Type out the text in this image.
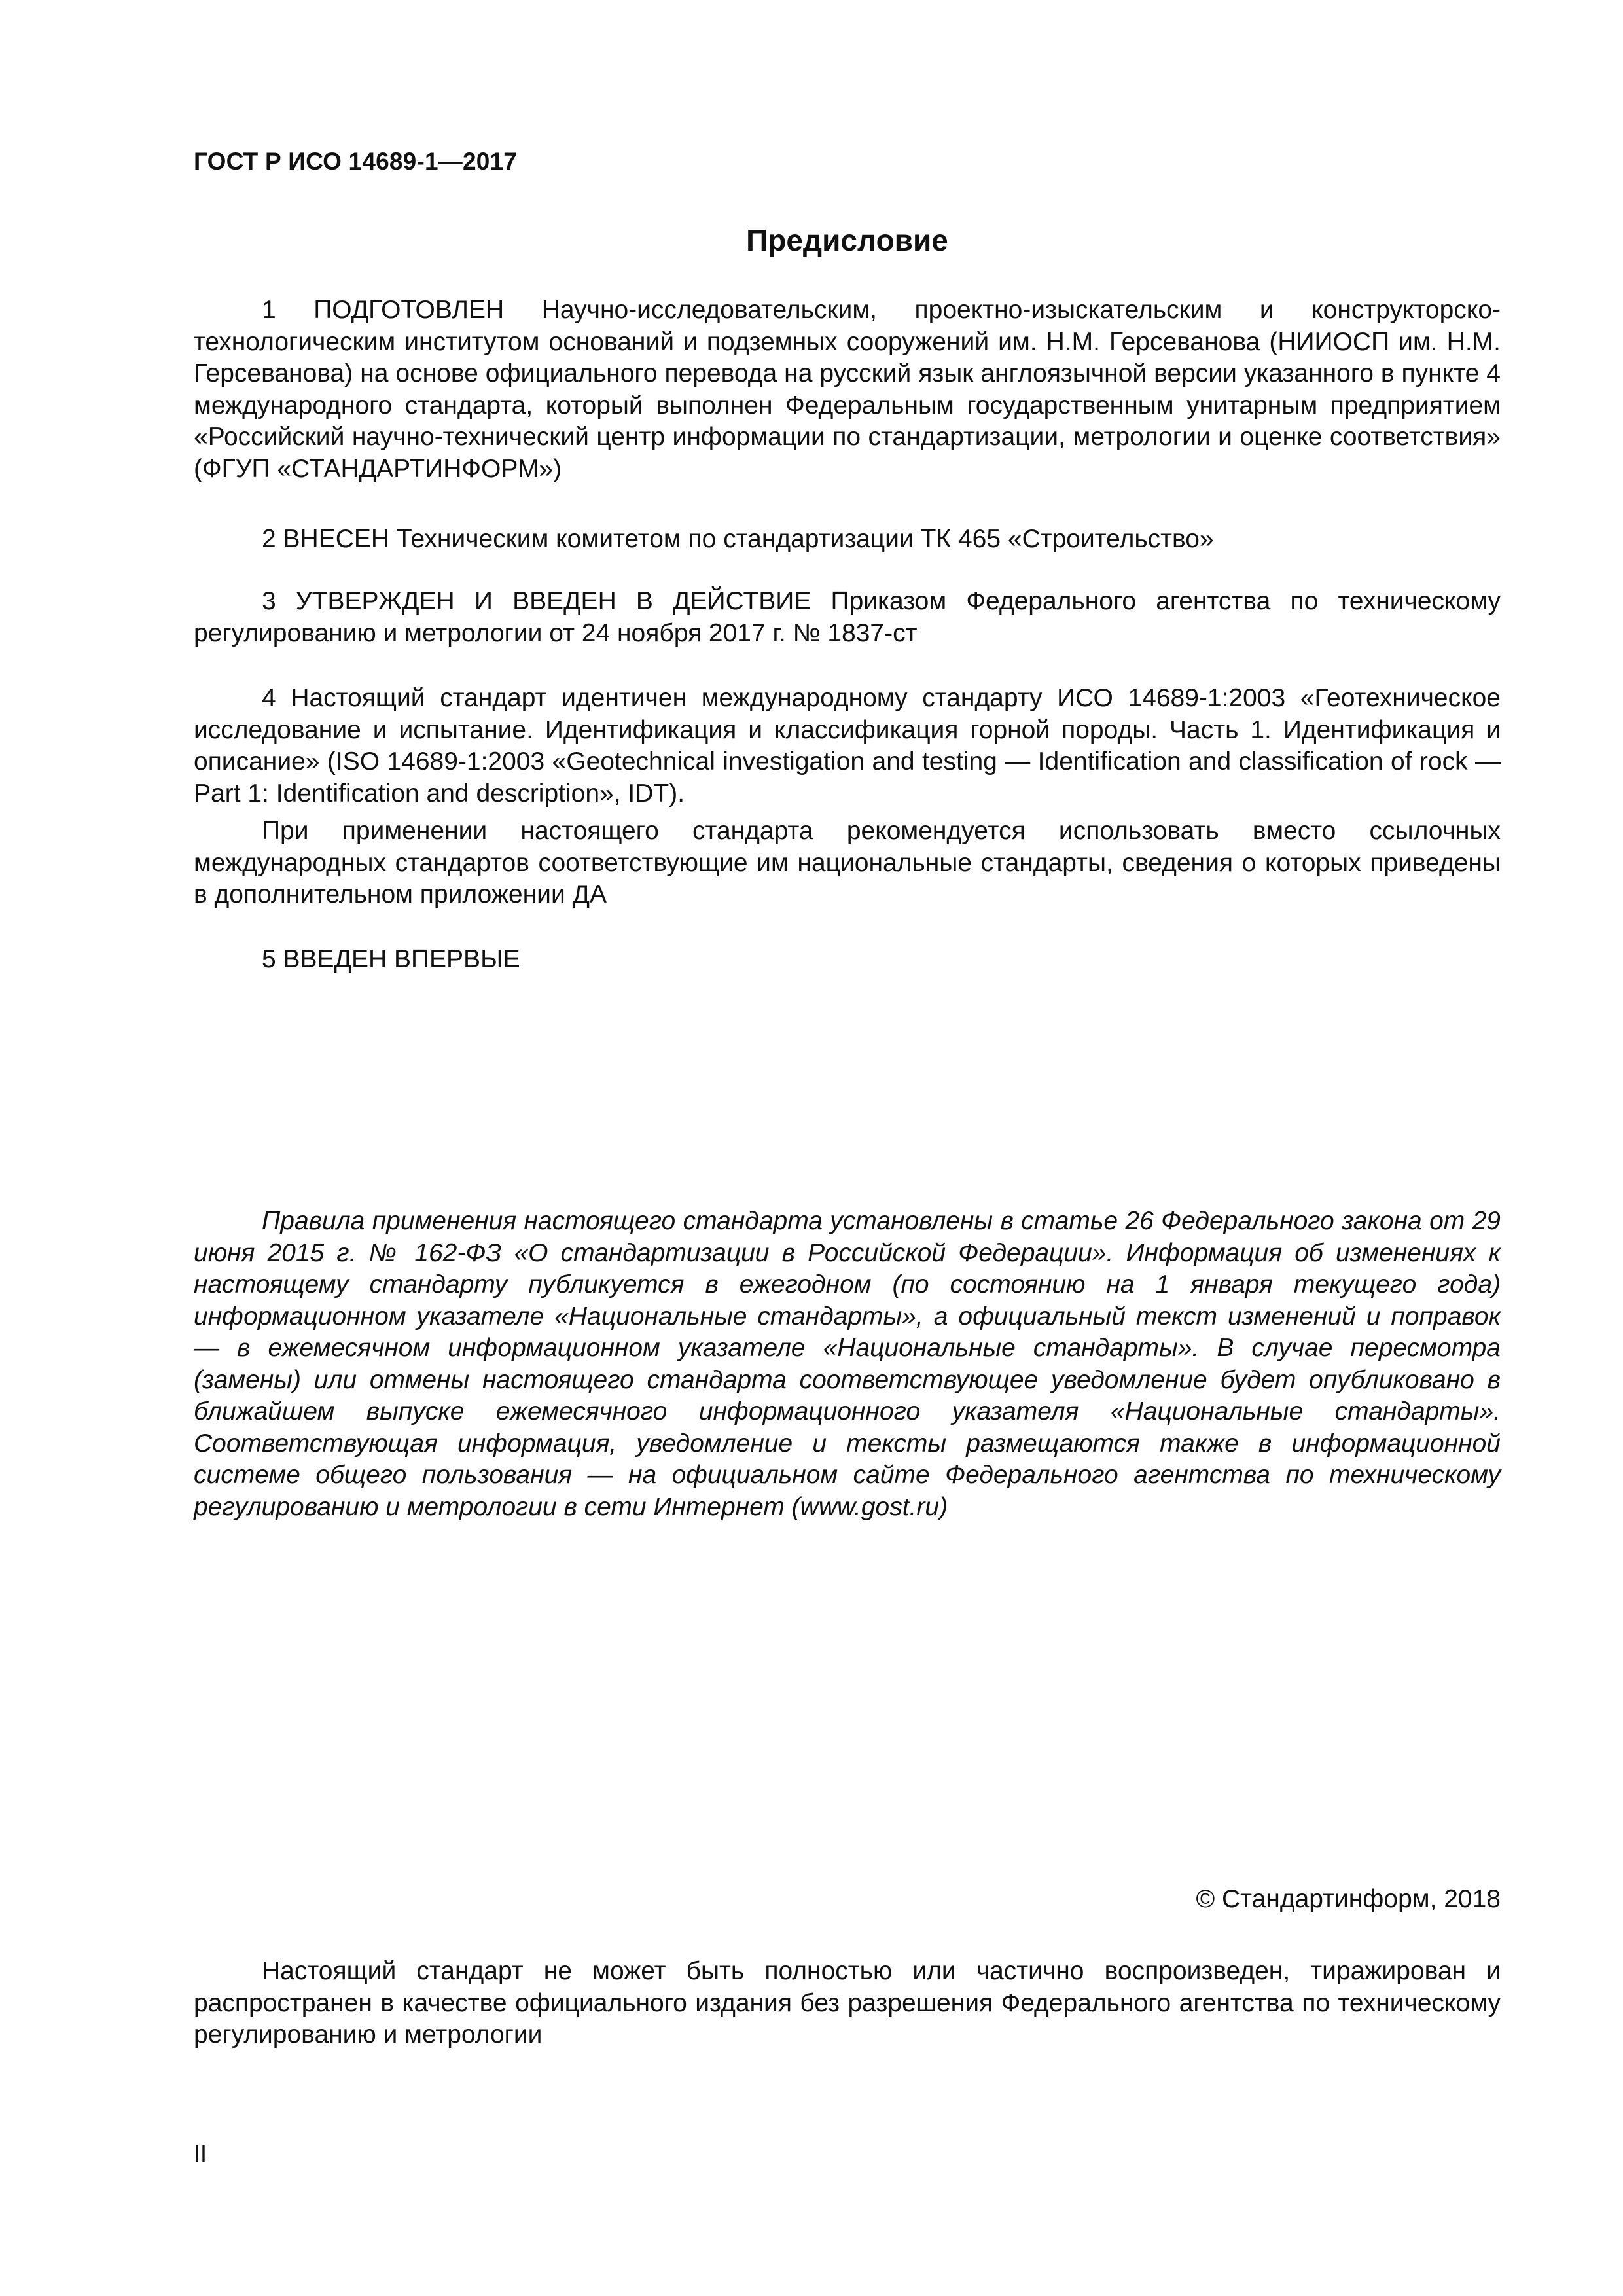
ГОСТ Р ИСО 14689-1—2017
Предисловие

1 ПОДГОТОВЛЕН Научно-исследовательским, проектно-изыскательским и конструкторско-технологическим институтом оснований и подземных сооружений им. Н.М. Герсеванова (НИИОСП им. Н.М. Герсеванова) на основе официального перевода на русский язык англоязычной версии указанного в пункте 4 международного стандарта, который выполнен Федеральным государственным унитарным предприятием «Российский научно-технический центр информации по стандартизации, метрологии и оценке соответствия» (ФГУП «СТАНДАРТИНФОРМ»)

2 ВНЕСЕН Техническим комитетом по стандартизации ТК 465 «Строительство»

3 УТВЕРЖДЕН И ВВЕДЕН В ДЕЙСТВИЕ Приказом Федерального агентства по техническому регулированию и метрологии от 24 ноября 2017 г. № 1837-ст

4 Настоящий стандарт идентичен международному стандарту ИСО 14689-1:2003 «Геотехническое исследование и испытание. Идентификация и классификация горной породы. Часть 1. Идентификация и описание» (ISO 14689-1:2003 «Geotechnical investigation and testing — Identification and classification of rock — Part 1: Identification and description», IDT).

При применении настоящего стандарта рекомендуется использовать вместо ссылочных международных стандартов соответствующие им национальные стандарты, сведения о которых приведены в дополнительном приложении ДА

5 ВВЕДЕН ВПЕРВЫЕ

Правила применения настоящего стандарта установлены в статье 26 Федерального закона от 29 июня 2015 г. № 162-ФЗ «О стандартизации в Российской Федерации». Информация об изменениях к настоящему стандарту публикуется в ежегодном (по состоянию на 1 января текущего года) информационном указателе «Национальные стандарты», а официальный текст изменений и поправок — в ежемесячном информационном указателе «Национальные стандарты». В случае пересмотра (замены) или отмены настоящего стандарта соответствующее уведомление будет опубликовано в ближайшем выпуске ежемесячного информационного указателя «Национальные стандарты». Соответствующая информация, уведомление и тексты размещаются также в информационной системе общего пользования — на официальном сайте Федерального агентства по техническому регулированию и метрологии в сети Интернет (www.gost.ru)

© Стандартинформ, 2018

Настоящий стандарт не может быть полностью или частично воспроизведен, тиражирован и распространен в качестве официального издания без разрешения Федерального агентства по техническому регулированию и метрологии

II
